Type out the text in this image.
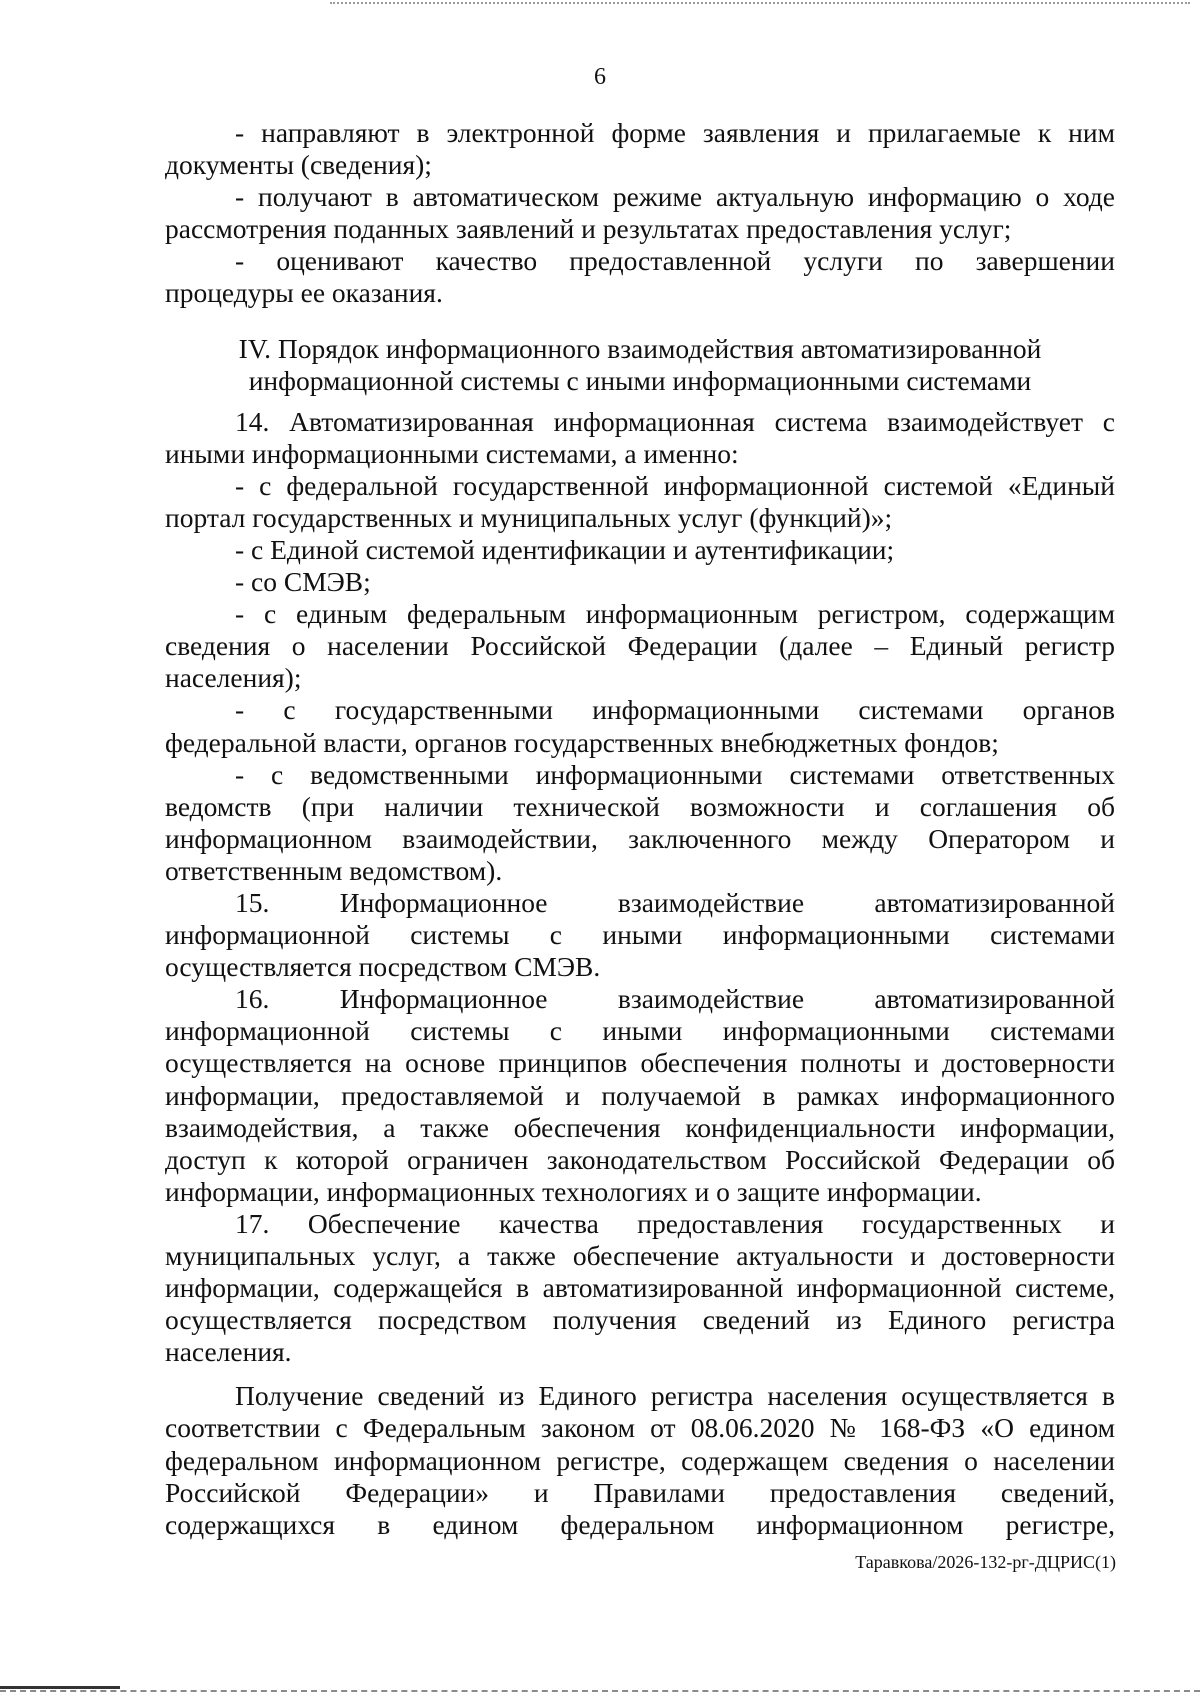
6
- направляют в электронной форме заявления и прилагаемые к ним
документы (сведения);
- получают в автоматическом режиме актуальную информацию о ходе
рассмотрения поданных заявлений и результатах предоставления услуг;
- оценивают качество предоставленной услуги по завершении
процедуры ее оказания.
IV. Порядок информационного взаимодействия автоматизированной
информационной системы с иными информационными системами
14. Автоматизированная информационная система взаимодействует с
иными информационными системами, а именно:
- с федеральной государственной информационной системой «Единый
портал государственных и муниципальных услуг (функций)»;
- с Единой системой идентификации и аутентификации;
- со СМЭВ;
- с единым федеральным информационным регистром, содержащим
сведения о населении Российской Федерации (далее – Единый регистр
населения);
- с государственными информационными системами органов
федеральной власти, органов государственных внебюджетных фондов;
- с ведомственными информационными системами ответственных
ведомств (при наличии технической возможности и соглашения об
информационном взаимодействии, заключенного между Оператором и
ответственным ведомством).
15. Информационное взаимодействие автоматизированной
информационной системы с иными информационными системами
осуществляется посредством СМЭВ.
16. Информационное взаимодействие автоматизированной
информационной системы с иными информационными системами
осуществляется на основе принципов обеспечения полноты и достоверности
информации, предоставляемой и получаемой в рамках информационного
взаимодействия, а также обеспечения конфиденциальности информации,
доступ к которой ограничен законодательством Российской Федерации об
информации, информационных технологиях и о защите информации.
17. Обеспечение качества предоставления государственных и
муниципальных услуг, а также обеспечение актуальности и достоверности
информации, содержащейся в автоматизированной информационной системе,
осуществляется посредством получения сведений из Единого регистра
населения.
Получение сведений из Единого регистра населения осуществляется в
соответствии с Федеральным законом от 08.06.2020 № 168-ФЗ «О едином
федеральном информационном регистре, содержащем сведения о населении
Российской Федерации» и Правилами предоставления сведений,
содержащихся в едином федеральном информационном регистре,
Таравкова/2026-132-рг-ДЦРИС(1)
